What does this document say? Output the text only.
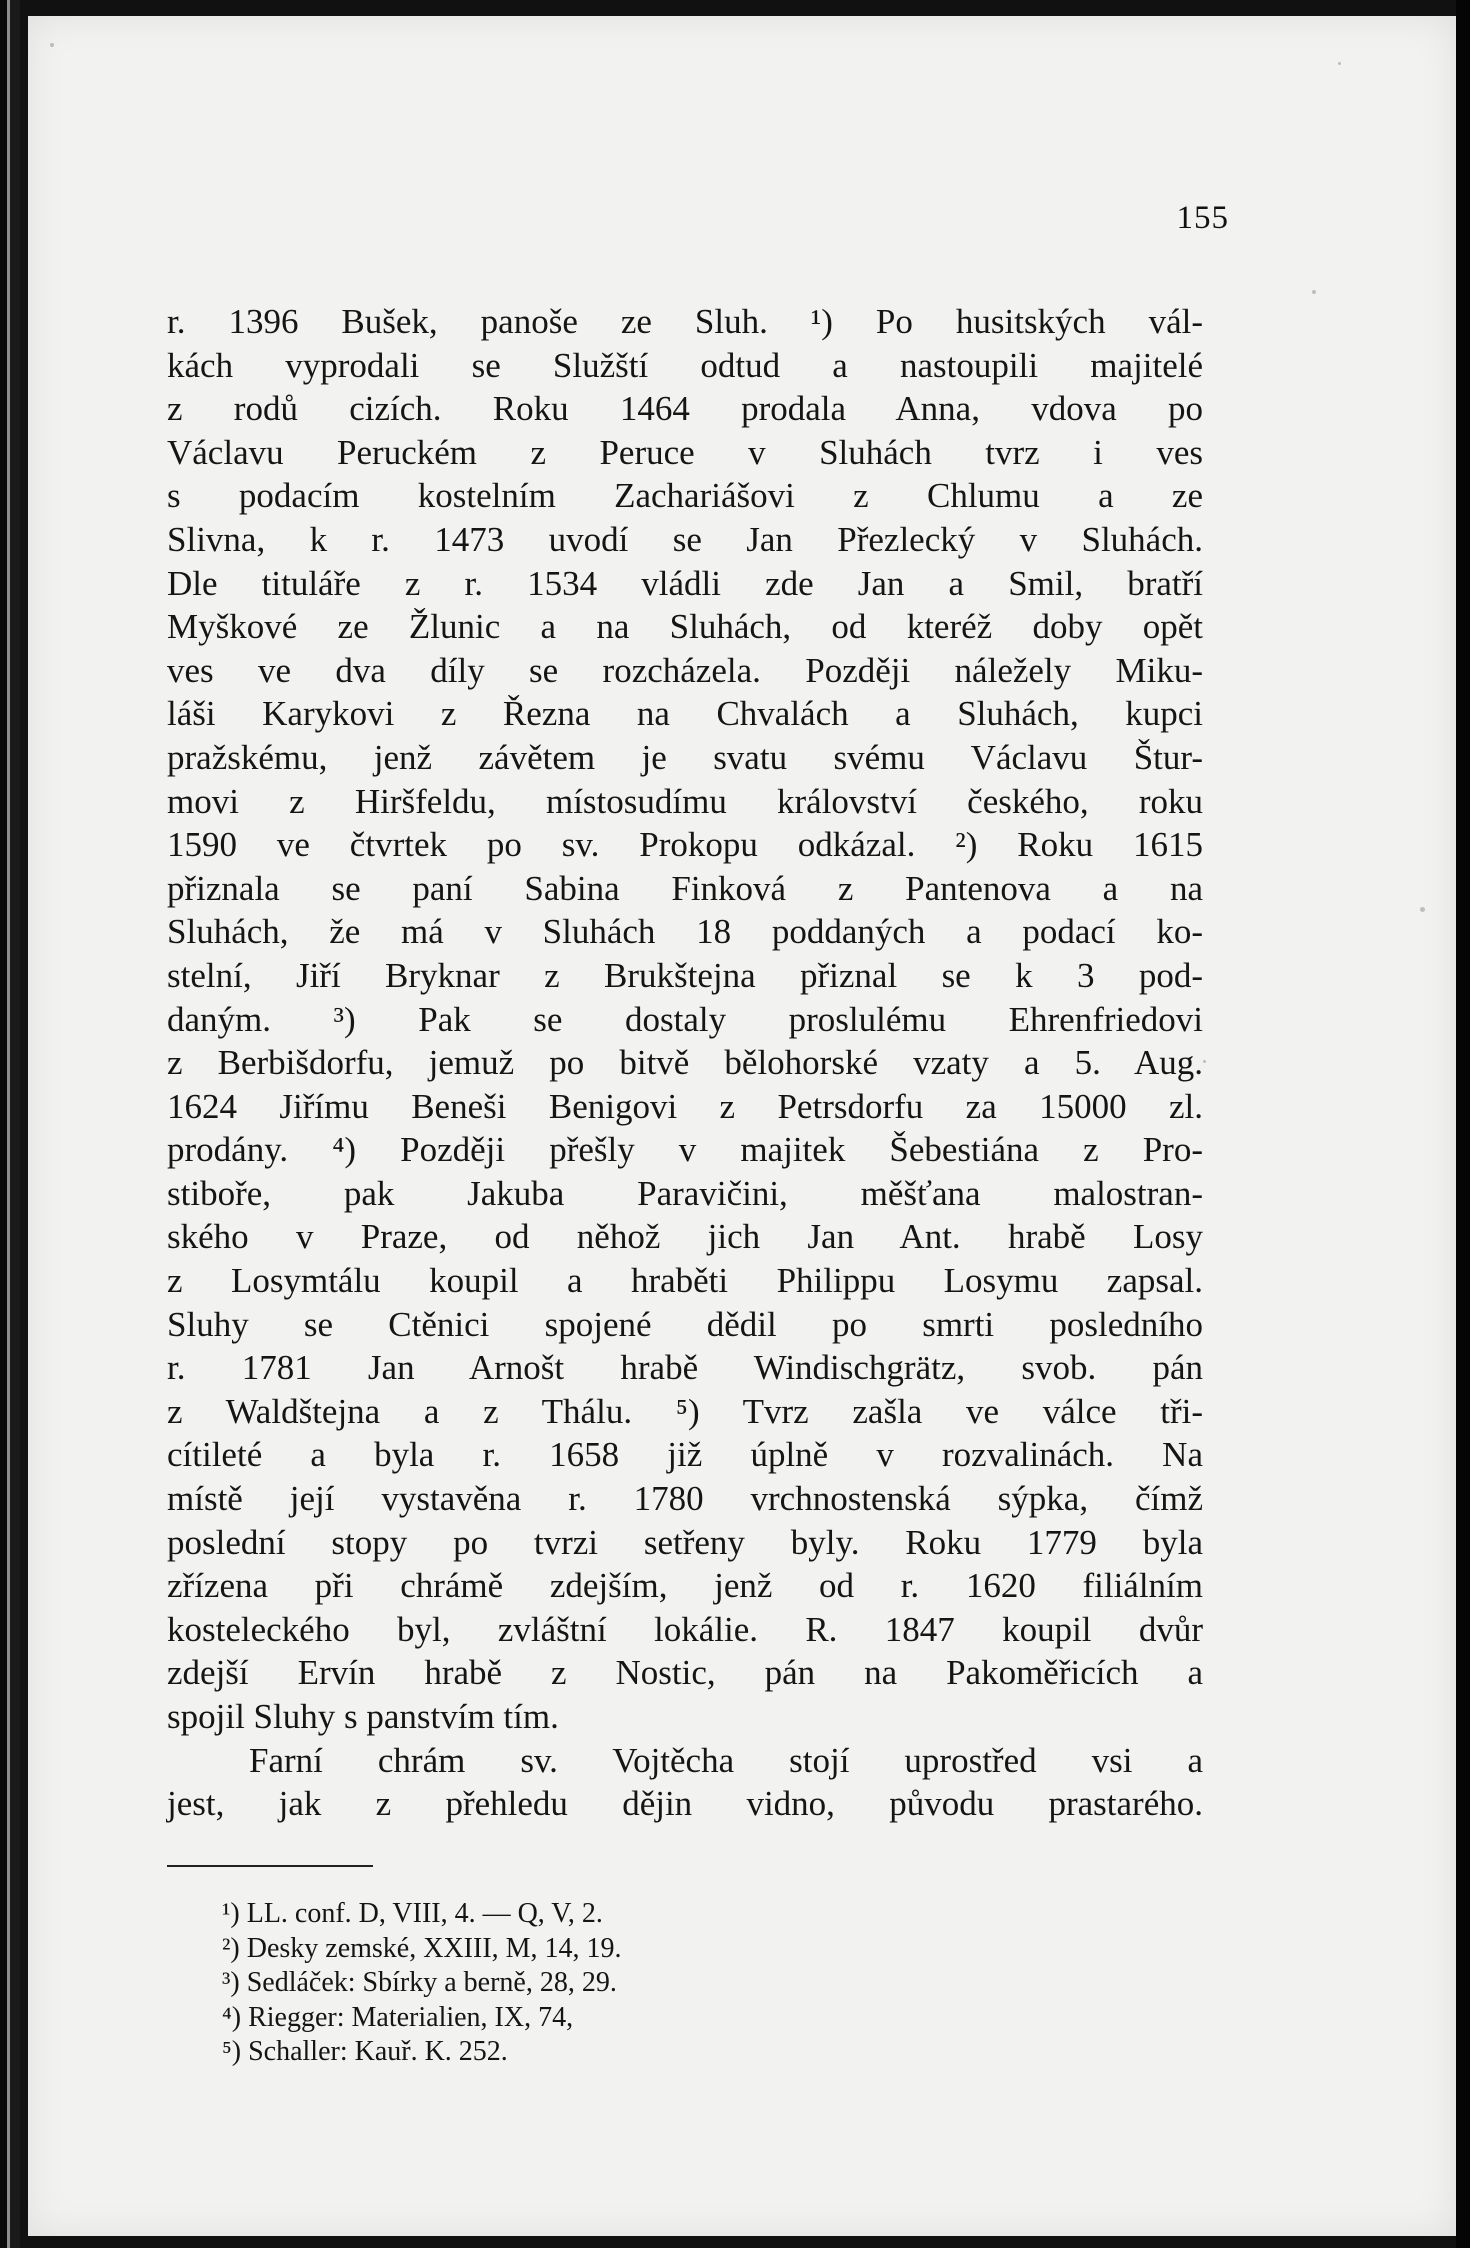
155
r. 1396 Bušek, panoše ze Sluh. ¹) Po husitských vál-
kách vyprodali se Služští odtud a nastoupili majitelé
z rodů cizích. Roku 1464 prodala Anna, vdova po
Václavu Peruckém z Peruce v Sluhách tvrz i ves
s podacím kostelním Zachariášovi z Chlumu a ze
Slivna, k r. 1473 uvodí se Jan Přezlecký v Sluhách.
Dle tituláře z r. 1534 vládli zde Jan a Smil, bratří
Myškové ze Žlunic a na Sluhách, od kteréž doby opět
ves ve dva díly se rozcházela. Později náležely Miku-
láši Karykovi z Řezna na Chvalách a Sluhách, kupci
pražskému, jenž závětem je svatu svému Václavu Štur-
movi z Hiršfeldu, místosudímu království českého, roku
1590 ve čtvrtek po sv. Prokopu odkázal. ²) Roku 1615
přiznala se paní Sabina Finková z Pantenova a na
Sluhách, že má v Sluhách 18 poddaných a podací ko-
stelní, Jiří Bryknar z Brukštejna přiznal se k 3 pod-
daným. ³) Pak se dostaly proslulému Ehrenfriedovi
z Berbišdorfu, jemuž po bitvě bělohorské vzaty a 5. Aug.
1624 Jiřímu Beneši Benigovi z Petrsdorfu za 15000 zl.
prodány. ⁴) Později přešly v majitek Šebestiána z Pro-
stibořе, pak Jakuba Paravičini, měšťana malostran-
ského v Praze, od něhož jich Jan Ant. hrabě Losy
z Losymtálu koupil a hraběti Philippu Losymu zapsal.
Sluhy se Ctěnici spojené dědil po smrti posledního
r. 1781 Jan Arnošt hrabě Windischgrätz, svob. pán
z Waldštejna a z Thálu. ⁵) Tvrz zašla ve válce tři-
cítileté a byla r. 1658 již úplně v rozvalinách. Na
místě její vystavěna r. 1780 vrchnostenská sýpka, čímž
poslední stopy po tvrzi setřeny byly. Roku 1779 byla
zřízena při chrámě zdejším, jenž od r. 1620 filiálním
kosteleckého byl, zvláštní lokálie. R. 1847 koupil dvůr
zdejší Ervín hrabě z Nostic, pán na Pakoměřicích a
spojil Sluhy s panstvím tím.
Farní chrám sv. Vojtěcha stojí uprostřed vsi a
jest, jak z přehledu dějin vidno, původu prastarého.
¹) LL. conf. D, VIII, 4. — Q, V, 2.
²) Desky zemské, XXIII, M, 14, 19.
³) Sedláček: Sbírky a berně, 28, 29.
⁴) Riegger: Materialien, IX, 74,
⁵) Schaller: Kauř. K. 252.
